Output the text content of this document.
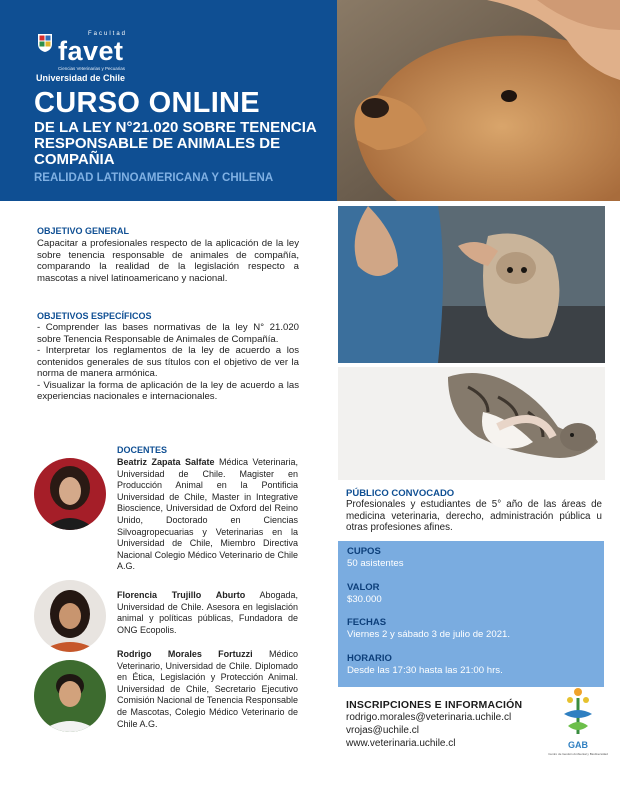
Facultad
favet
Ciencias Veterinarias y Pecuarias
Universidad de Chile
CURSO ONLINE
DE LA LEY N°21.020 SOBRE TENENCIA RESPONSABLE DE ANIMALES DE COMPAÑIA
REALIDAD LATINOAMERICANA Y CHILENA
OBJETIVO GENERAL
Capacitar a profesionales respecto de la aplicación de la ley sobre tenencia responsable de animales de compañía, comparando la realidad de la legislación respecto a mascotas a nivel latinoamericano y nacional.
OBJETIVOS ESPECÍFICOS
- Comprender las bases normativas de la ley N° 21.020 sobre Tenencia Responsable de Animales de Compañía.
- Interpretar los reglamentos de la ley de acuerdo a los contenidos generales de sus títulos con el objetivo de ver la norma de manera armónica.
- Visualizar la forma de aplicación de la ley de acuerdo a las experiencias nacionales e internacionales.
DOCENTES
Beatriz Zapata Salfate Médica Veterinaria, Universidad de Chile. Magister en Producción Animal en la Pontificia Universidad de Chile, Master in Integrative Bioscience, Universidad de Oxford del Reino Unido, Doctorado en Ciencias Silvoagropecuarias y Veterinarias en la Universidad de Chile, Miembro Directiva Nacional Colegio Médico Veterinario de Chile A.G.
Florencia Trujillo Aburto Abogada, Universidad de Chile. Asesora en legislación animal y políticas públicas, Fundadora de ONG Ecopolis.
Rodrigo Morales Fortuzzi Médico Veterinario, Universidad de Chile. Diplomado en Ética, Legislación y Protección Animal. Universidad de Chile, Secretario Ejecutivo Comisión Nacional de Tenencia Responsable de Mascotas, Colegio Médico Veterinario de Chile A.G.
PÚBLICO CONVOCADO
Profesionales y estudiantes de 5° año de las áreas de medicina veterinaria, derecho, administración pública u otras profesiones afines.
CUPOS
50 asistentes
VALOR
$30.000
FECHAS
Viernes 2 y sábado 3 de julio de 2021.
HORARIO
Desde las 17:30 hasta las 21:00 hrs.
INSCRIPCIONES E INFORMACIÓN
rodrigo.morales@veterinaria.uchile.cl
vrojas@uchile.cl
www.veterinaria.uchile.cl	GAB
Centro de Gestión Ambiental y Biodiversidad
